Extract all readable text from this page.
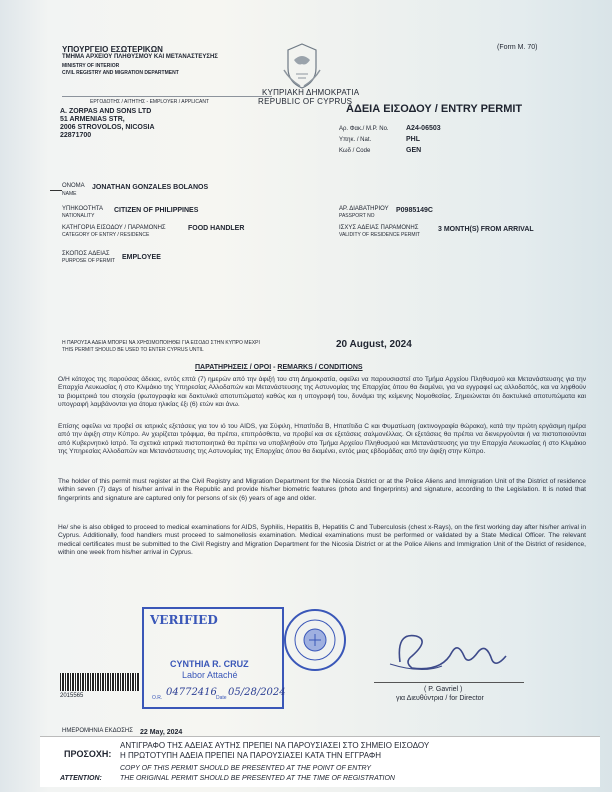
ΥΠΟΥΡΓΕΙΟ ΕΣΩΤΕΡΙΚΩΝ
ΤΜΗΜΑ ΑΡΧΕΙΟΥ ΠΛΗΘΥΣΜΟΥ ΚΑΙ ΜΕΤΑΝΑΣΤΕΥΣΗΣ
MINISTRY OF INTERIOR
CIVIL REGISTRY AND MIGRATION DEPARTMENT
(Form M. 70)
ΕΡΓΟΔΟΤΗΣ / ΑΙΤΗΤΗΣ - EMPLOYER / APPLICANT
ΚΥΠΡΙΑΚΗ ΔΗΜΟΚΡΑΤΙΑ
REPUBLIC OF CYPRUS
ΑΔΕΙΑ ΕΙΣΟΔΟΥ / ENTRY PERMIT
A. ZORPAS AND SONS LTD
51 ARMENIAS STR,
2006 STROVOLOS, NICOSIA
22871700
Αρ. Φακ./ M.P. No. A24-06503
Υπηκ. / Nat.	PHL
Κωδ / Code	GEN
ΟΝΟΜΑ
NAME
JONATHAN GONZALES BOLANOS
ΥΠΗΚΟΟΤΗΤΑ
NATIONALITY
CITIZEN OF PHILIPPINES	ΑΡ. ΔΙΑΒΑΤΗΡΙΟΥ
PASSPORT NO
P0985149C
ΚΑΤΗΓΟΡΙΑ ΕΙΣΟΔΟΥ / ΠΑΡΑΜΟΝΗΣ
CATEGORY OF ENTRY / RESIDENCE
FOOD HANDLER	ΙΣΧΥΣ ΑΔΕΙΑΣ ΠΑΡΑΜΟΝΗΣ
VALIDITY OF RESIDENCE PERMIT
3 MONTH(S) FROM ARRIVAL
ΣΚΟΠΟΣ ΑΔΕΙΑΣ
PURPOSE OF PERMIT EMPLOYEE
Η ΠΑΡΟΥΣΑ ΑΔΕΙΑ ΜΠΟΡΕΙ ΝΑ ΧΡΗΣΙΜΟΠΟΙΗΘΕΙ ΓΙΑ ΕΙΣΟΔΟ ΣΤΗΝ ΚΥΠΡΟ ΜΕΧΡΙ
THIS PERMIT SHOULD BE USED TO ENTER CYPRUS UNTIL	20 August, 2024
ΠΑΡΑΤΗΡΗΣΕΙΣ / ΟΡΟΙ - REMARKS / CONDITIONS
Ο/Η κάτοχος της παρούσας άδειας, εντός επτά (7) ημερών από την άφιξή του στη Δημοκρατία, οφείλει να παρουσιαστεί στο Τμήμα Αρχείου Πληθυσμού και Μετανάστευσης για την Επαρχία Λευκωσίας ή στο Κλιμάκιο της Υπηρεσίας Αλλοδαπών και Μετανάστευσης της Αστυνομίας της Επαρχίας όπου θα διαμένει, για να εγγραφεί ως αλλοδαπός, και να ληφθούν τα βιομετρικά του στοιχεία (φωτογραφία και δακτυλικά αποτυπώματα) καθώς και η υπογραφή του, δυνάμει της κείμενης Νομοθεσίας. Σημειώνεται ότι δακτυλικά αποτυπώματα και υπογραφή λαμβάνονται για άτομα ηλικίας έξι (6) ετών και άνω.
Επίσης οφείλει να προβεί σε ιατρικές εξετάσεις για τον ιό του AIDS, για Σύφιλη, Ηπατίτιδα Β, Ηπατίτιδα C και Φυματίωση (ακτινογραφία θώρακα), κατά την πρώτη εργάσιμη ημέρα από την άφιξη στην Κύπρο. Αν χειρίζεται τρόφιμα, θα πρέπει, επιπρόσθετα, να προβεί και σε εξετάσεις σαλμονέλλας. Οι εξετάσεις θα πρέπει να διενεργούνται ή να πιστοποιούνται από Κυβερνητικό Ιατρό. Τα σχετικά ιατρικά πιστοποιητικά θα πρέπει να υποβληθούν στο Τμήμα Αρχείου Πληθυσμού και Μετανάστευσης για την Επαρχία Λευκωσίας ή στο Κλιμάκιο της Υπηρεσίας Αλλοδαπών και Μετανάστευσης της Αστυνομίας της Επαρχίας όπου θα διαμένει, εντός μιας εβδομάδας από την άφιξη στην Κύπρο.
The holder of this permit must register at the Civil Registry and Migration Department for the Nicosia District or at the Police Aliens and Immigration Unit of the District of residence within seven (7) days of his/her arrival in the Republic and provide his/her biometric features (photo and fingerprints) and signature, according to the Legislation. It is noted that fingerprints and signature are captured only for persons of six (6) years of age and older.
He/ she is also obliged to proceed to medical examinations for AIDS, Syphilis, Hepatitis B, Hepatitis C and Tuberculosis (chest x-Rays), on the first working day after his/her arrival in Cyprus. Additionally, food handlers must proceed to salmonellosis examination. Medical examinations must be performed or validated by a State Medical Officer. The relevant medical certificates must be submitted to the Civil Registry and Migration Department for the Nicosia District or at the Police Aliens and Immigration Unit of the District of residence, within one week from his/her arrival in Cyprus.
VERIFIED
CYNTHIA R. CRUZ
Labor Attaché
O.R. 04772416 Date 05/28/2024	( P. Gavriel )
για Διευθύντρια / for Director
2015565
ΗΜΕΡΟΜΗΝΙΑ ΕΚΔΟΣΗΣ 22 May, 2024
ΠΡΟΣΟΧΗ:
ΑΝΤΙΓΡΑΦΟ ΤΗΣ ΑΔΕΙΑΣ ΑΥΤΗΣ ΠΡΕΠΕΙ ΝΑ ΠΑΡΟΥΣΙΑΣΕΙ ΣΤΟ ΣΗΜΕΙΟ ΕΙΣΟΔΟΥ
Η ΠΡΩΤΟΤΥΠΗ ΑΔΕΙΑ ΠΡΕΠΕΙ ΝΑ ΠΑΡΟΥΣΙΑΣΕΙ ΚΑΤΑ ΤΗΝ ΕΓΓΡΑΦΗ
ATTENTION:
COPY OF THIS PERMIT SHOULD BE PRESENTED AT THE POINT OF ENTRY
THE ORIGINAL PERMIT SHOULD BE PRESENTED AT THE TIME OF REGISTRATION
